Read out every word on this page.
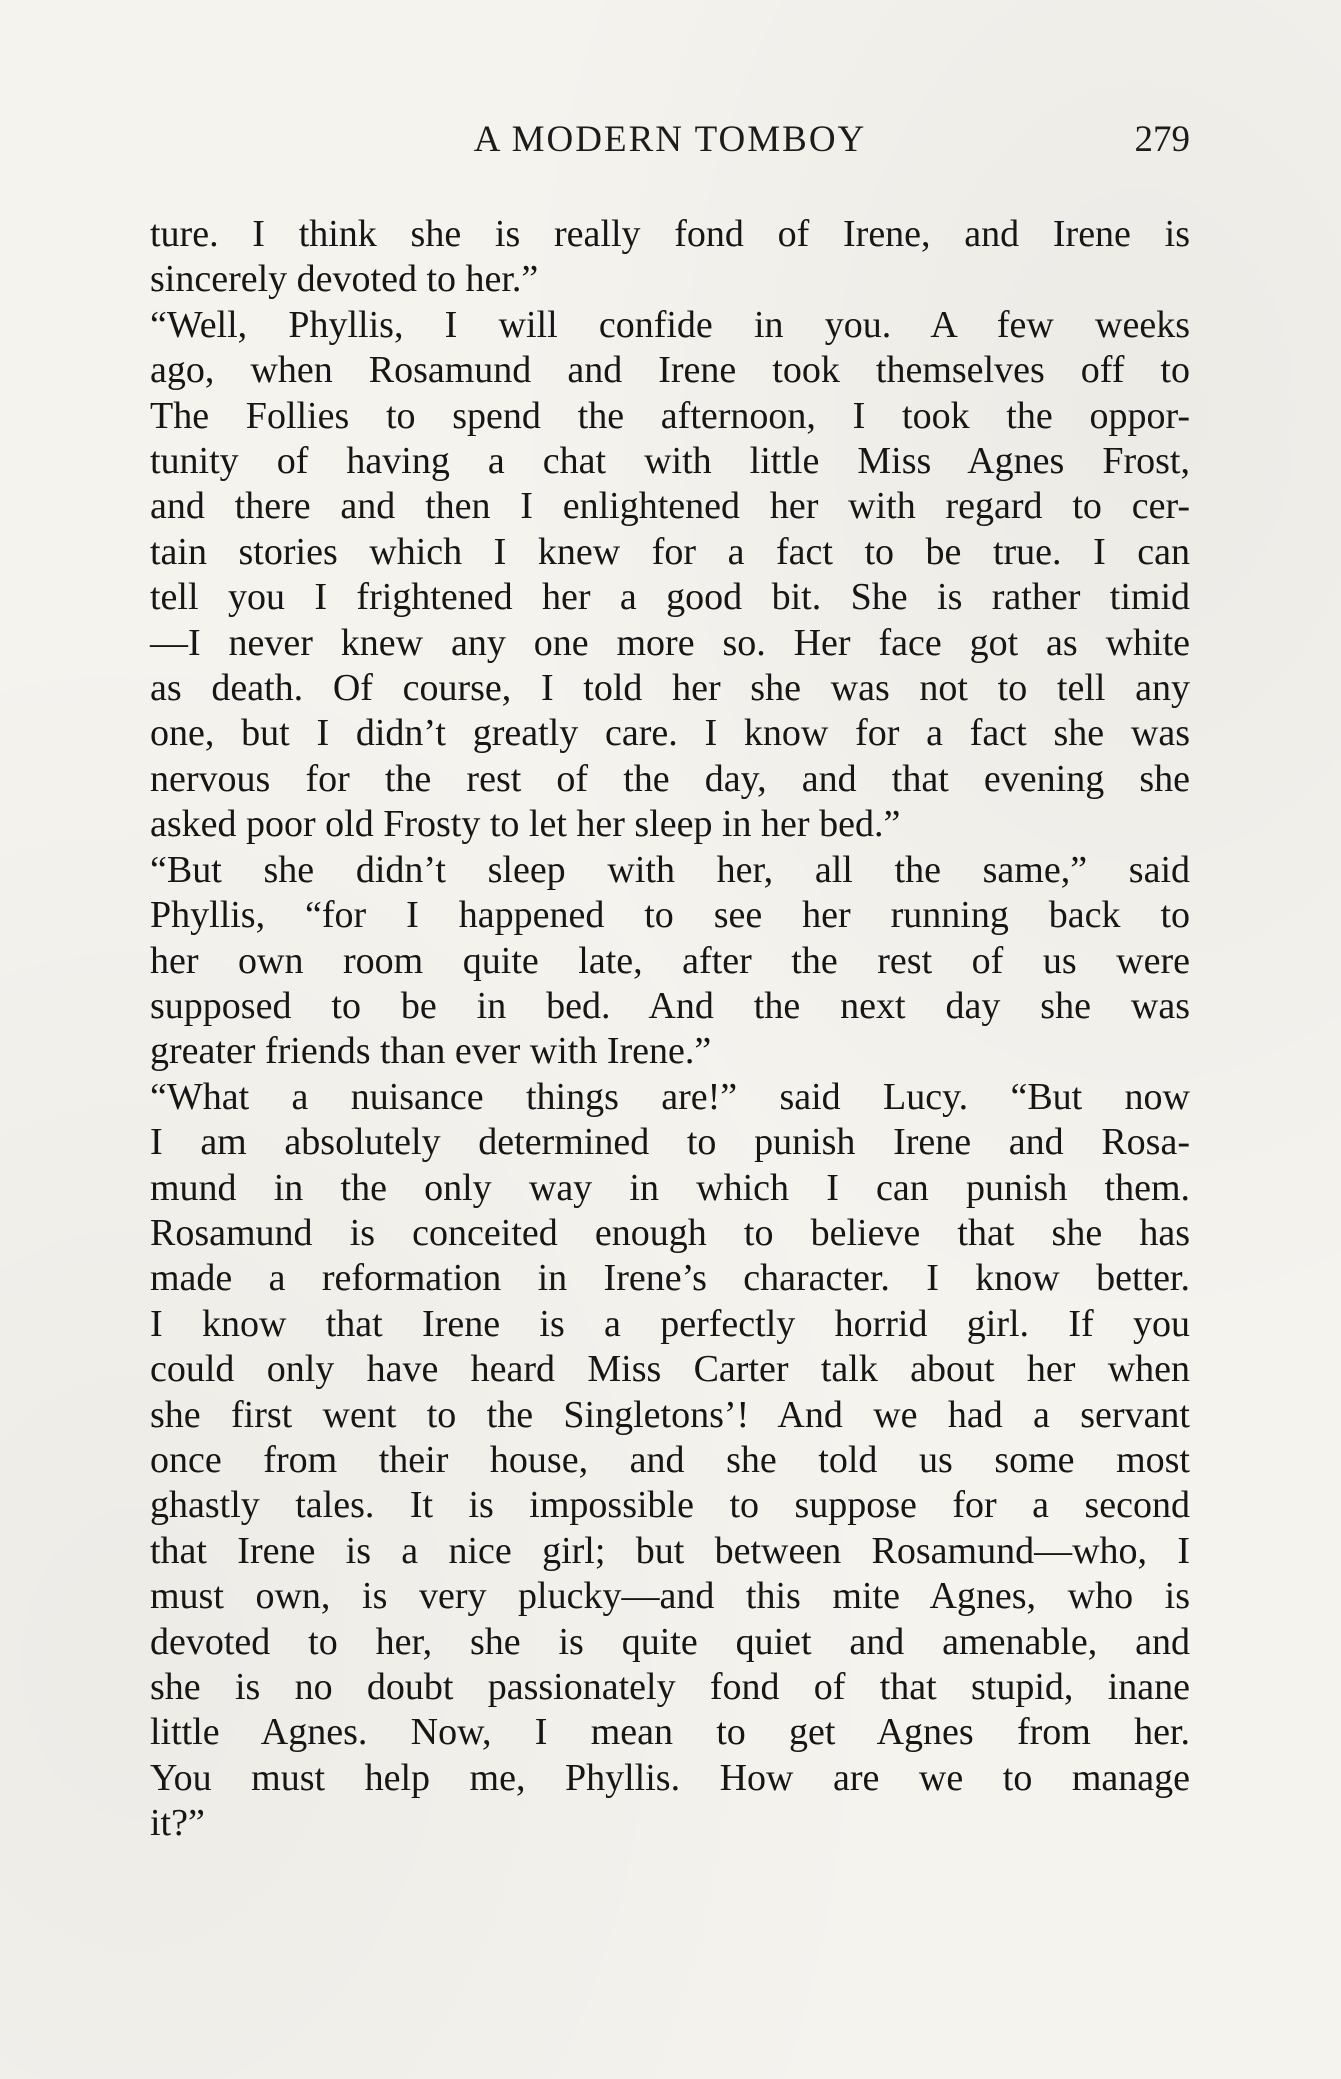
A MODERN TOMBOY	279
ture. I think she is really fond of Irene, and Irene is
sincerely devoted to her.”
“Well, Phyllis, I will confide in you. A few weeks
ago, when Rosamund and Irene took themselves off to
The Follies to spend the afternoon, I took the oppor-
tunity of having a chat with little Miss Agnes Frost,
and there and then I enlightened her with regard to cer-
tain stories which I knew for a fact to be true. I can
tell you I frightened her a good bit. She is rather timid
—I never knew any one more so. Her face got as white
as death. Of course, I told her she was not to tell any
one, but I didn’t greatly care. I know for a fact she was
nervous for the rest of the day, and that evening she
asked poor old Frosty to let her sleep in her bed.”
“But she didn’t sleep with her, all the same,” said
Phyllis, “for I happened to see her running back to
her own room quite late, after the rest of us were
supposed to be in bed. And the next day she was
greater friends than ever with Irene.”
“What a nuisance things are!” said Lucy. “But now
I am absolutely determined to punish Irene and Rosa-
mund in the only way in which I can punish them.
Rosamund is conceited enough to believe that she has
made a reformation in Irene’s character. I know better.
I know that Irene is a perfectly horrid girl. If you
could only have heard Miss Carter talk about her when
she first went to the Singletons’! And we had a servant
once from their house, and she told us some most
ghastly tales. It is impossible to suppose for a second
that Irene is a nice girl; but between Rosamund—who, I
must own, is very plucky—and this mite Agnes, who is
devoted to her, she is quite quiet and amenable, and
she is no doubt passionately fond of that stupid, inane
little Agnes. Now, I mean to get Agnes from her.
You must help me, Phyllis. How are we to manage
it?”
